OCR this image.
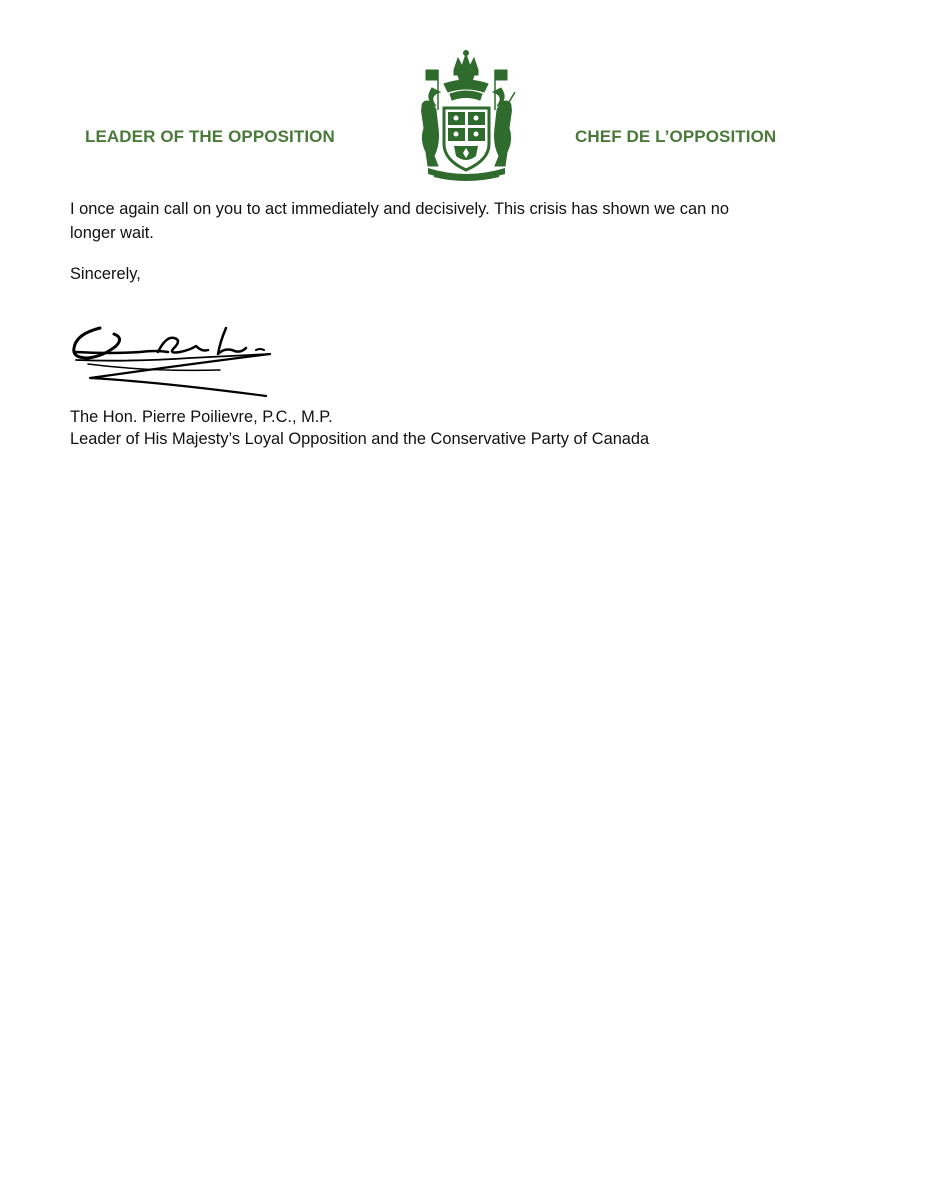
LEADER OF THE OPPOSITION	CHEF DE L’OPPOSITION
I once again call on you to act immediately and decisively. This crisis has shown we can no
longer wait.
Sincerely,
The Hon. Pierre Poilievre, P.C., M.P.
Leader of His Majesty’s Loyal Opposition and the Conservative Party of Canada
